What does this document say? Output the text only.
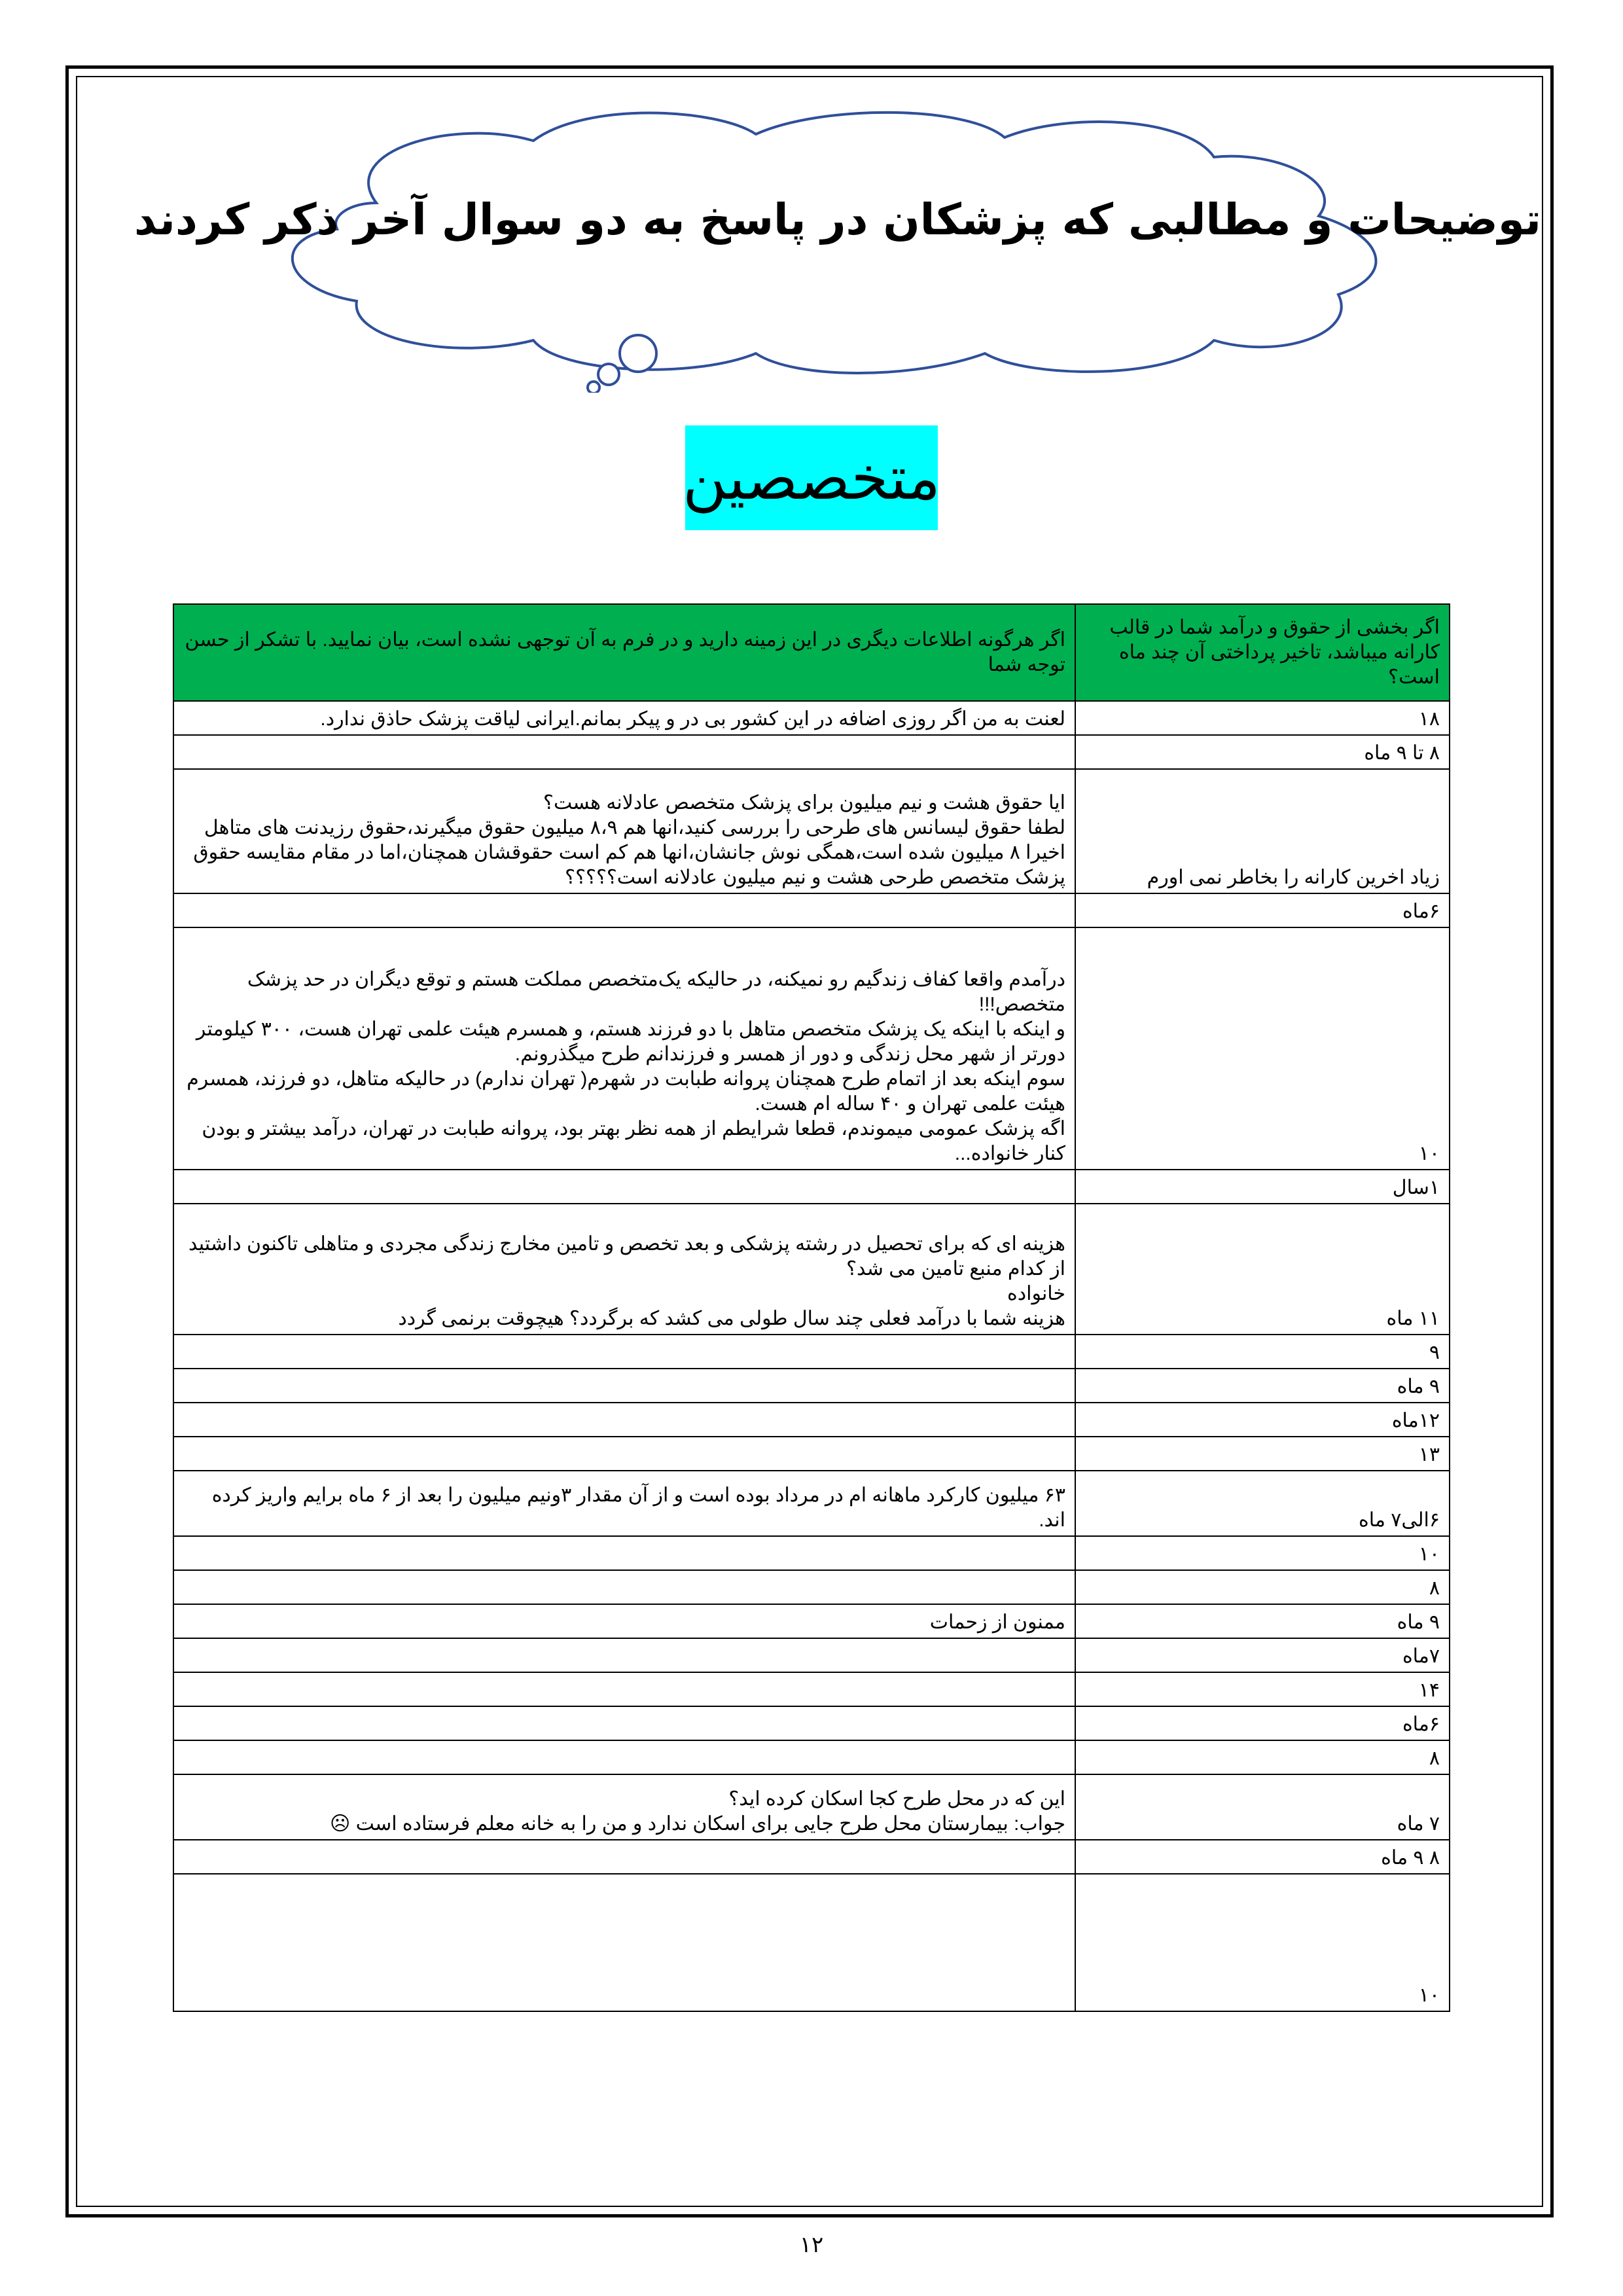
توضیحات و مطالبی که پزشکان در پاسخ به دو سوال آخر ذکر کردند
متخصصین
اگر بخشی از حقوق و درآمد شما در قالب کارانه میباشد، تاخیر پرداختی آن چند ماه است؟	اگر هرگونه اطلاعات دیگری در این زمینه دارید و در فرم به آن توجهی نشده است، بیان نمایید. با تشکر از حسن توجه شما
۱۸	لعنت به من اگر روزی اضافه در این کشور بی در و پیکر بمانم.ایرانی لیاقت پزشک حاذق ندارد.
۸ تا ۹ ماه	
زیاد اخرین کارانه را بخاطر نمی اورم	ایا حقوق هشت و نیم میلیون برای پزشک متخصص عادلانه هست؟
لطفا حقوق لیسانس های طرحی را بررسی کنید،انها هم ۸،۹ میلیون حقوق میگیرند،حقوق رزیدنت های متاهل اخیرا ۸ میلیون شده است،همگی نوش جانشان،انها هم کم است حقوقشان همچنان،اما در مقام مقایسه حقوق پزشک متخصص طرحی هشت و نیم میلیون عادلانه است؟؟؟؟؟
۶ماه	
۱۰	درآمدم واقعا کفاف زندگیم رو نمیکنه، در حالیکه یک‌متخصص مملکت هستم و توقع دیگران در حد پزشک متخصص!!!
و اینکه با اینکه یک پزشک متخصص متاهل با دو فرزند هستم، و همسرم هیئت علمی تهران هست، ۳۰۰ کیلومتر دورتر از شهر محل زندگی و دور از همسر و فرزندانم طرح میگذرونم.
سوم اینکه بعد از اتمام طرح همچنان پروانه طبابت در شهرم( تهران ندارم) در حالیکه متاهل، دو فرزند، همسرم هیئت علمی تهران و ۴۰ ساله ام هست.
اگه پزشک عمومی میموندم، قطعا شرایطم از همه نظر بهتر بود، پروانه طبابت در تهران، درآمد بیشتر و بودن کنار خانواده...
۱سال	
۱۱ ماه	هزینه ای که برای تحصیل در رشته پزشکی و بعد تخصص و تامین مخارج زندگی مجردی و متاهلی تاکنون داشتید از کدام منبع تامین می شد؟
خانواده
هزینه شما با درآمد فعلی چند سال طولی می کشد که برگردد؟ هیچوقت برنمی گردد
۹	
۹ ماه	
۱۲ماه	
۱۳	
۶الی۷ ماه	۶۳ میلیون کارکرد ماهانه ام در مرداد بوده است و از آن مقدار ۳ونیم میلیون را بعد از ۶ ماه برایم واریز کرده اند.
۱۰	
۸	
۹ ماه	ممنون از زحمات
۷ماه	
۱۴	
۶ماه	
۸	
۷ ماه	این که در محل طرح کجا اسکان کرده اید؟
جواب: بیمارستان محل طرح جایی برای اسکان ندارد و من را به خانه معلم فرستاده است ☹
۸ ۹ ماه	
۱۰	
۱۲
